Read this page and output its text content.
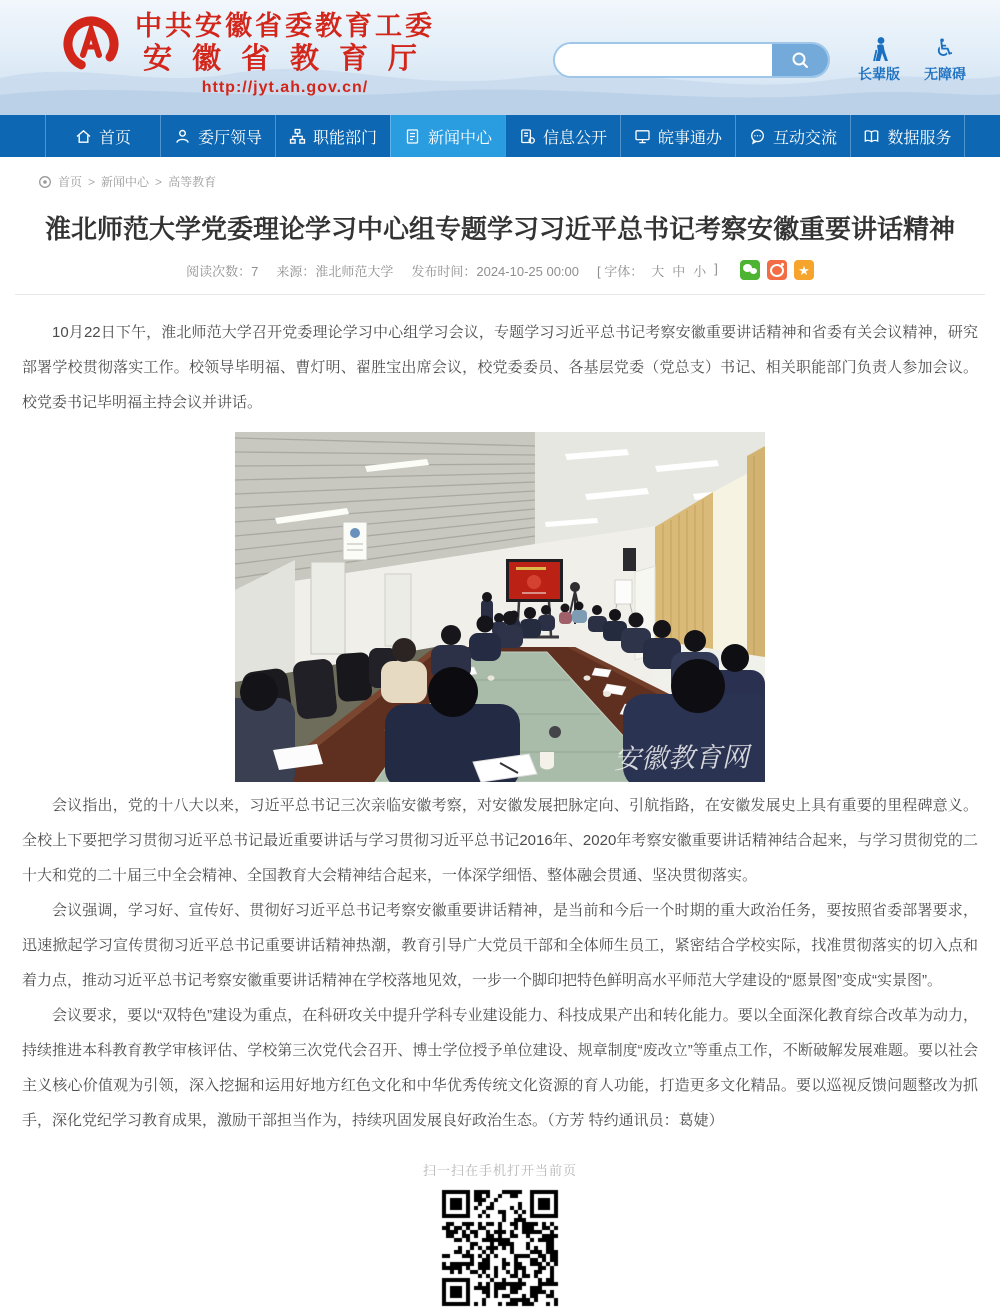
中共安徽省委教育工委
安徽省教育厅
http://jyt.ah.gov.cn/
长辈版
♿
无障碍
首页	委厅领导	职能部门	新闻中心	信息公开	皖事通办	互动交流	数据服务
首页 > 新闻中心 > 高等教育
淮北师范大学党委理论学习中心组专题学习习近平总书记考察安徽重要讲话精神
阅读次数：7 来源：淮北师范大学 发布时间：2024-10-25 00:00 [ 字体： 大 中 小 ]	★

10月22日下午，淮北师范大学召开党委理论学习中心组学习会议，专题学习习近平总书记考察安徽重要讲话精神和省委有关会议精神，研究部署学校贯彻落实工作。校领导毕明福、曹灯明、翟胜宝出席会议，校党委委员、各基层党委（党总支）书记、相关职能部门负责人参加会议。校党委书记毕明福主持会议并讲话。

安徽教育网

会议指出，党的十八大以来，习近平总书记三次亲临安徽考察，对安徽发展把脉定向、引航指路，在安徽发展史上具有重要的里程碑意义。全校上下要把学习贯彻习近平总书记最近重要讲话与学习贯彻习近平总书记2016年、2020年考察安徽重要讲话精神结合起来，与学习贯彻党的二十大和党的二十届三中全会精神、全国教育大会精神结合起来，一体深学细悟、整体融会贯通、坚决贯彻落实。

会议强调，学习好、宣传好、贯彻好习近平总书记考察安徽重要讲话精神，是当前和今后一个时期的重大政治任务，要按照省委部署要求，迅速掀起学习宣传贯彻习近平总书记重要讲话精神热潮，教育引导广大党员干部和全体师生员工，紧密结合学校实际，找准贯彻落实的切入点和着力点，推动习近平总书记考察安徽重要讲话精神在学校落地见效，一步一个脚印把特色鲜明高水平师范大学建设的“愿景图”变成“实景图”。

会议要求，要以“双特色”建设为重点，在科研攻关中提升学科专业建设能力、科技成果产出和转化能力。要以全面深化教育综合改革为动力，持续推进本科教育教学审核评估、学校第三次党代会召开、博士学位授予单位建设、规章制度“废改立”等重点工作，不断破解发展难题。要以社会主义核心价值观为引领，深入挖掘和运用好地方红色文化和中华优秀传统文化资源的育人功能，打造更多文化精品。要以巡视反馈问题整改为抓手，深化党纪学习教育成果，激励干部担当作为，持续巩固发展良好政治生态。（方芳 特约通讯员：葛婕）

扫一扫在手机打开当前页
